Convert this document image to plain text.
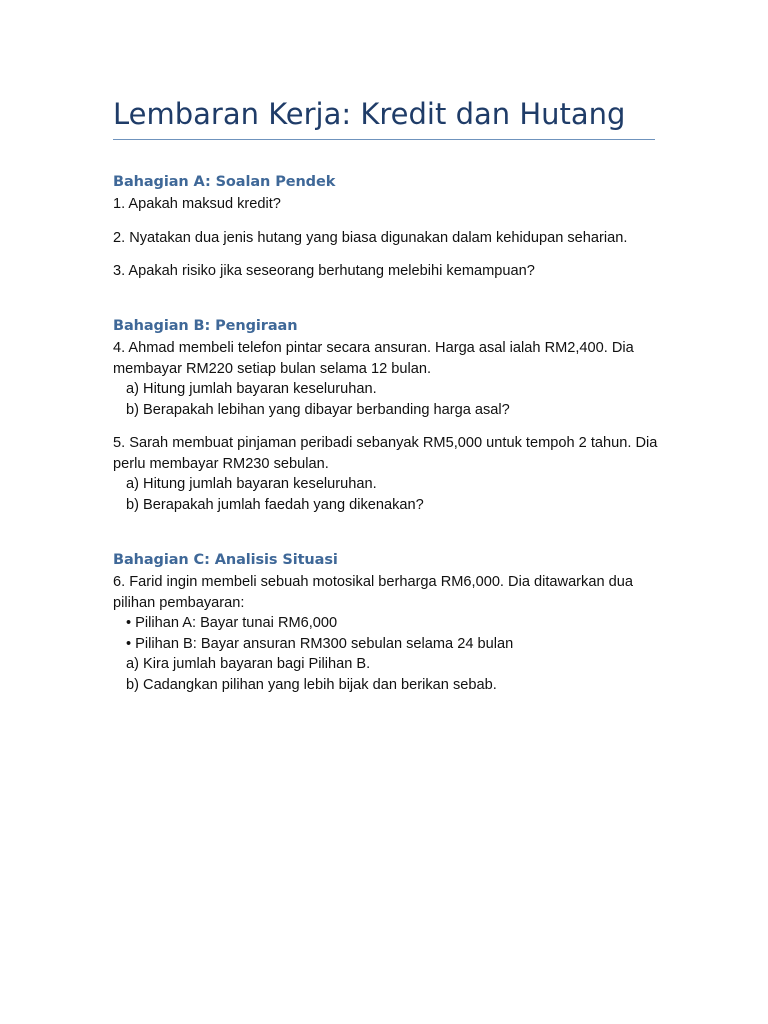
Lembaran Kerja: Kredit dan Hutang
Bahagian A: Soalan Pendek

1. Apakah maksud kredit?

2. Nyatakan dua jenis hutang yang biasa digunakan dalam kehidupan seharian.

3. Apakah risiko jika seseorang berhutang melebihi kemampuan?

Bahagian B: Pengiraan

4. Ahmad membeli telefon pintar secara ansuran. Harga asal ialah RM2,400. Dia membayar RM220 setiap bulan selama 12 bulan.

a) Hitung jumlah bayaran keseluruhan.

b) Berapakah lebihan yang dibayar berbanding harga asal?

5. Sarah membuat pinjaman peribadi sebanyak RM5,000 untuk tempoh 2 tahun. Dia perlu membayar RM230 sebulan.

a) Hitung jumlah bayaran keseluruhan.

b) Berapakah jumlah faedah yang dikenakan?

Bahagian C: Analisis Situasi

6. Farid ingin membeli sebuah motosikal berharga RM6,000. Dia ditawarkan dua pilihan pembayaran:

• Pilihan A: Bayar tunai RM6,000

• Pilihan B: Bayar ansuran RM300 sebulan selama 24 bulan

a) Kira jumlah bayaran bagi Pilihan B.

b) Cadangkan pilihan yang lebih bijak dan berikan sebab.
